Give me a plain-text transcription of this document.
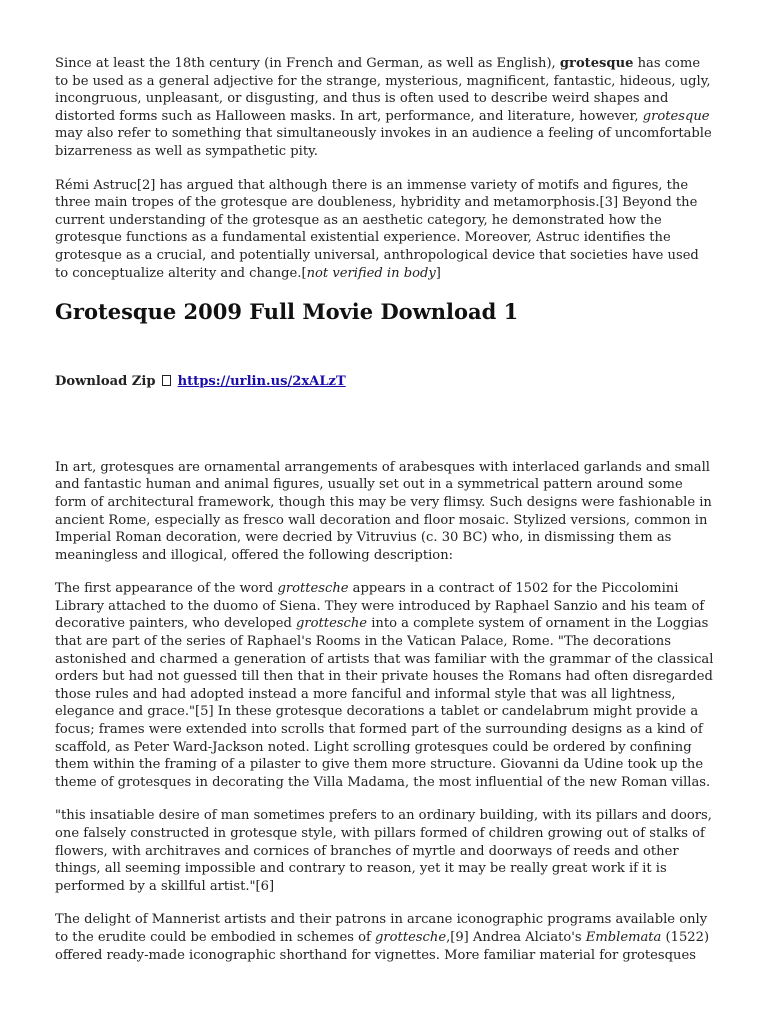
Since at least the 18th century (in French and German, as well as English), grotesque has come to be used as a general adjective for the strange, mysterious, magnificent, fantastic, hideous, ugly, incongruous, unpleasant, or disgusting, and thus is often used to describe weird shapes and distorted forms such as Halloween masks. In art, performance, and literature, however, grotesque may also refer to something that simultaneously invokes in an audience a feeling of uncomfortable bizarreness as well as sympathetic pity.

Rémi Astruc[2] has argued that although there is an immense variety of motifs and figures, the three main tropes of the grotesque are doubleness, hybridity and metamorphosis.[3] Beyond the current understanding of the grotesque as an aesthetic category, he demonstrated how the grotesque functions as a fundamental existential experience. Moreover, Astruc identifies the grotesque as a crucial, and potentially universal, anthropological device that societies have used to conceptualize alterity and change.[not verified in body]

Grotesque 2009 Full Movie Download 1
Download Zip https://urlin.us/2xALzT

In art, grotesques are ornamental arrangements of arabesques with interlaced garlands and small and fantastic human and animal figures, usually set out in a symmetrical pattern around some form of architectural framework, though this may be very flimsy. Such designs were fashionable in ancient Rome, especially as fresco wall decoration and floor mosaic. Stylized versions, common in Imperial Roman decoration, were decried by Vitruvius (c. 30 BC) who, in dismissing them as meaningless and illogical, offered the following description:

The first appearance of the word grottesche appears in a contract of 1502 for the Piccolomini Library attached to the duomo of Siena. They were introduced by Raphael Sanzio and his team of decorative painters, who developed grottesche into a complete system of ornament in the Loggias that are part of the series of Raphael's Rooms in the Vatican Palace, Rome. "The decorations astonished and charmed a generation of artists that was familiar with the grammar of the classical orders but had not guessed till then that in their private houses the Romans had often disregarded those rules and had adopted instead a more fanciful and informal style that was all lightness, elegance and grace."[5] In these grotesque decorations a tablet or candelabrum might provide a focus; frames were extended into scrolls that formed part of the surrounding designs as a kind of scaffold, as Peter Ward-Jackson noted. Light scrolling grotesques could be ordered by confining them within the framing of a pilaster to give them more structure. Giovanni da Udine took up the theme of grotesques in decorating the Villa Madama, the most influential of the new Roman villas.

"this insatiable desire of man sometimes prefers to an ordinary building, with its pillars and doors, one falsely constructed in grotesque style, with pillars formed of children growing out of stalks of flowers, with architraves and cornices of branches of myrtle and doorways of reeds and other things, all seeming impossible and contrary to reason, yet it may be really great work if it is performed by a skillful artist."[6]

The delight of Mannerist artists and their patrons in arcane iconographic programs available only to the erudite could be embodied in schemes of grottesche,[9] Andrea Alciato's Emblemata (1522) offered ready-made iconographic shorthand for vignettes. More familiar material for grotesques
